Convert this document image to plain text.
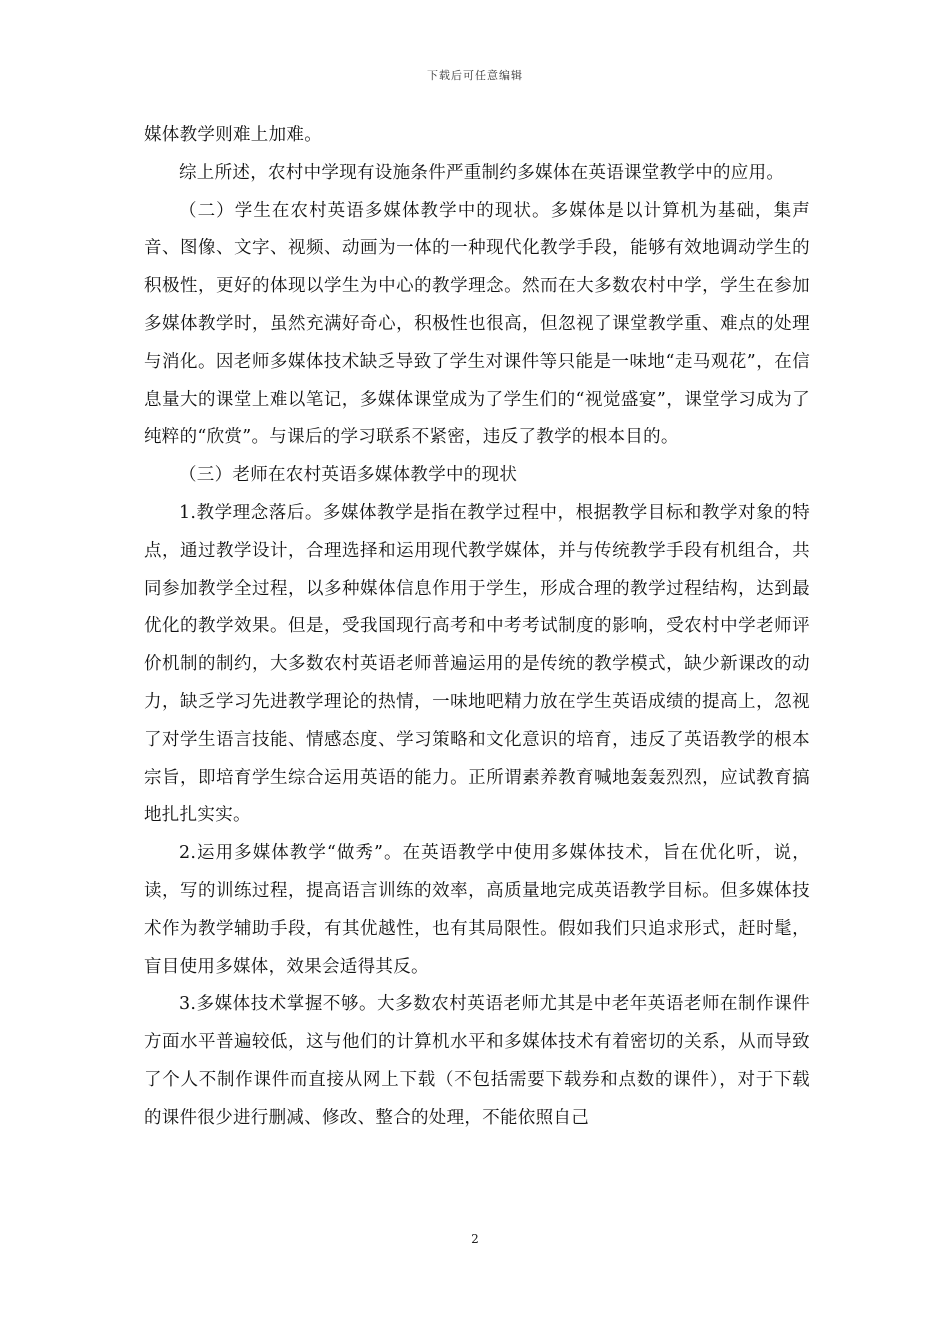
下载后可任意编辑

媒体教学则难上加难。

综上所述，农村中学现有设施条件严重制约多媒体在英语课堂教学中的应用。

（二）学生在农村英语多媒体教学中的现状。多媒体是以计算机为基础，集声音、图像、文字、视频、动画为一体的一种现代化教学手段，能够有效地调动学生的积极性，更好的体现以学生为中心的教学理念。然而在大多数农村中学，学生在参加多媒体教学时，虽然充满好奇心，积极性也很高，但忽视了课堂教学重、难点的处理与消化。因老师多媒体技术缺乏导致了学生对课件等只能是一味地“走马观花”，在信息量大的课堂上难以笔记，多媒体课堂成为了学生们的“视觉盛宴”，课堂学习成为了纯粹的“欣赏”。与课后的学习联系不紧密，违反了教学的根本目的。

（三）老师在农村英语多媒体教学中的现状

1.教学理念落后。多媒体教学是指在教学过程中，根据教学目标和教学对象的特点，通过教学设计，合理选择和运用现代教学媒体，并与传统教学手段有机组合，共同参加教学全过程，以多种媒体信息作用于学生，形成合理的教学过程结构，达到最优化的教学效果。但是，受我国现行高考和中考考试制度的影响，受农村中学老师评价机制的制约，大多数农村英语老师普遍运用的是传统的教学模式，缺少新课改的动力，缺乏学习先进教学理论的热情，一味地吧精力放在学生英语成绩的提高上，忽视了对学生语言技能、情感态度、学习策略和文化意识的培育，违反了英语教学的根本宗旨，即培育学生综合运用英语的能力。正所谓素养教育喊地轰轰烈烈，应试教育搞地扎扎实实。

2.运用多媒体教学“做秀”。在英语教学中使用多媒体技术，旨在优化听，说，读，写的训练过程，提高语言训练的效率，高质量地完成英语教学目标。但多媒体技术作为教学辅助手段，有其优越性，也有其局限性。假如我们只追求形式，赶时髦，盲目使用多媒体，效果会适得其反。

3.多媒体技术掌握不够。大多数农村英语老师尤其是中老年英语老师在制作课件方面水平普遍较低，这与他们的计算机水平和多媒体技术有着密切的关系，从而导致了个人不制作课件而直接从网上下载（不包括需要下载券和点数的课件），对于下载的课件很少进行删减、修改、整合的处理，不能依照自己

2
